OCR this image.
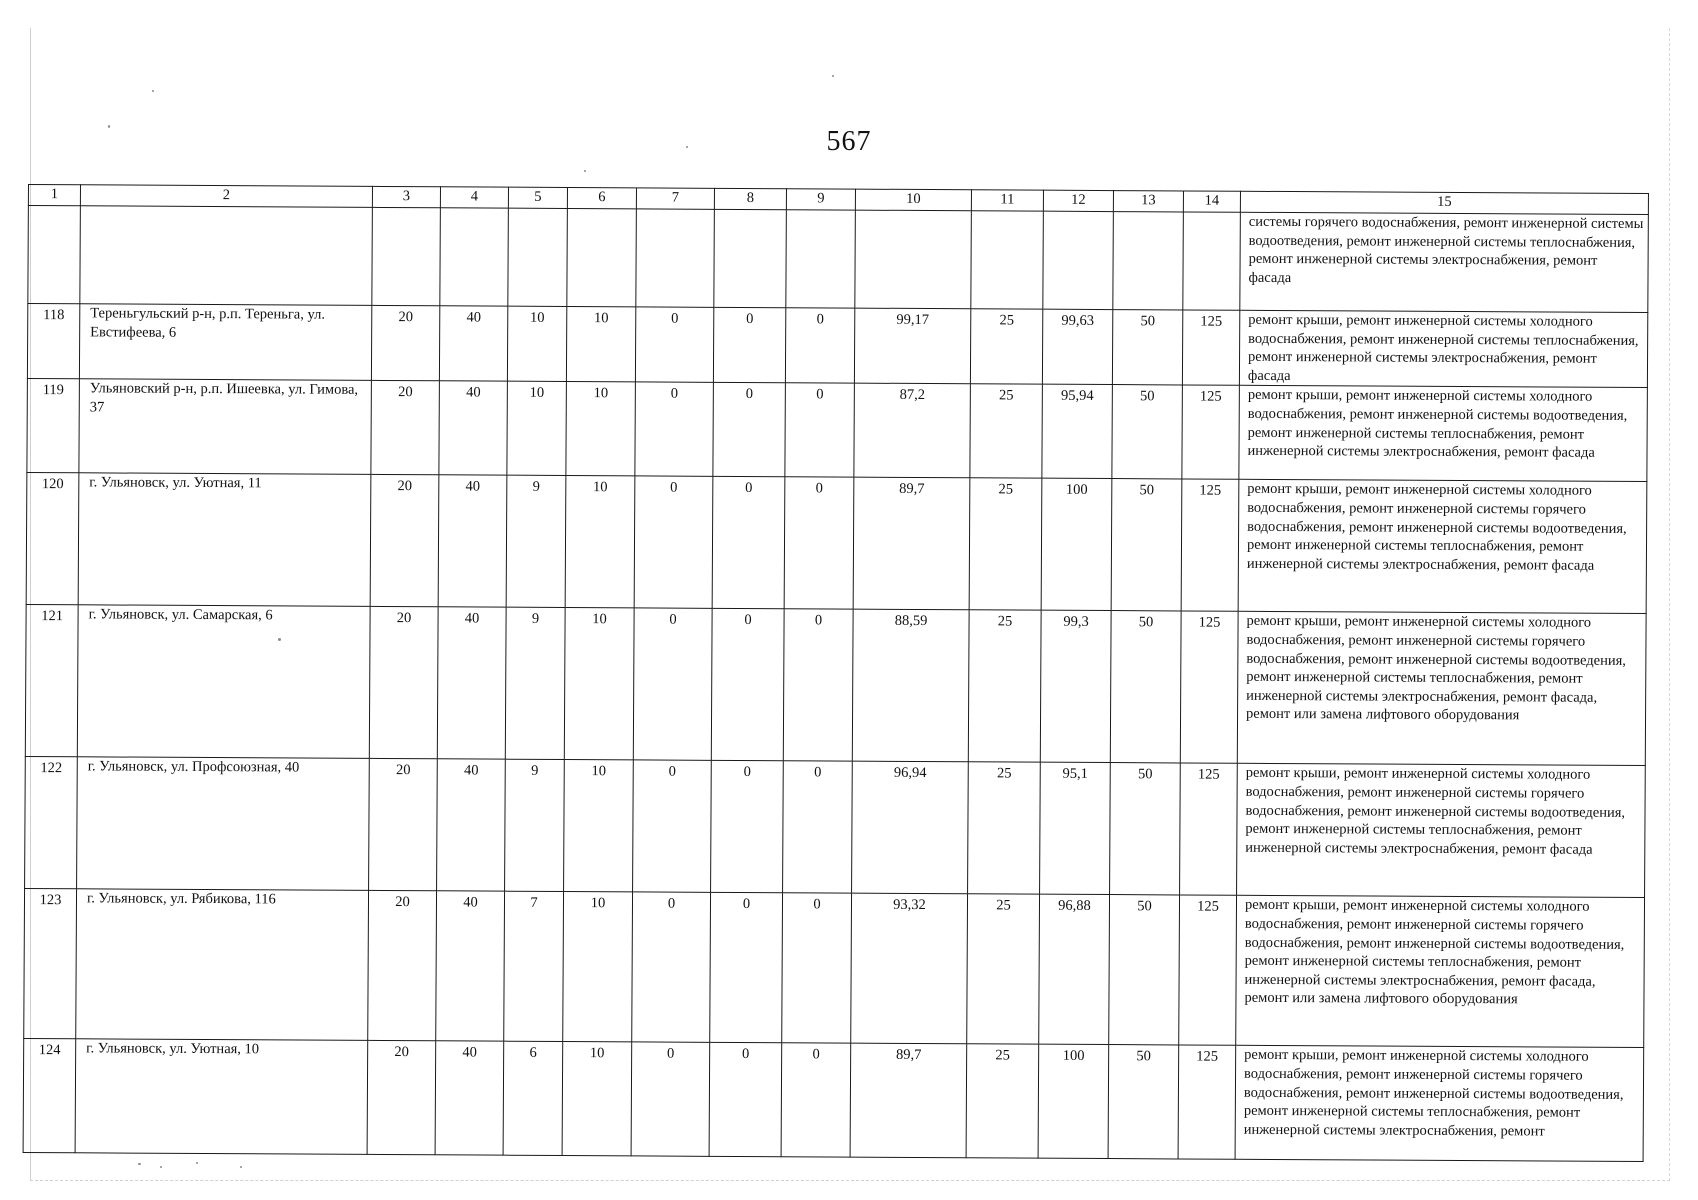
567
1	2	3	4	5	6	7	8	9	10	11	12	13	14	15
														системы горячего водоснабжения, ремонт инженерной системы водоотведения, ремонт инженерной системы теплоснабжения, ремонт инженерной системы электроснабжения, ремонт фасада
118	Тереньгульский р-н, р.п. Тереньга, ул. Евстифеева, 6	20	40	10	10	0	0	0	99,17	25	99,63	50	125	ремонт крыши, ремонт инженерной системы холодного водоснабжения, ремонт инженерной системы теплоснабжения, ремонт инженерной системы электроснабжения, ремонт фасада
119	Ульяновский р-н, р.п. Ишеевка, ул. Гимова, 37	20	40	10	10	0	0	0	87,2	25	95,94	50	125	ремонт крыши, ремонт инженерной системы холодного водоснабжения, ремонт инженерной системы водоотведения, ремонт инженерной системы теплоснабжения, ремонт инженерной системы электроснабжения, ремонт фасада
120	г. Ульяновск, ул. Уютная, 11	20	40	9	10	0	0	0	89,7	25	100	50	125	ремонт крыши, ремонт инженерной системы холодного водоснабжения, ремонт инженерной системы горячего водоснабжения, ремонт инженерной системы водоотведения, ремонт инженерной системы теплоснабжения, ремонт инженерной системы электроснабжения, ремонт фасада
121	г. Ульяновск, ул. Самарская, 6	20	40	9	10	0	0	0	88,59	25	99,3	50	125	ремонт крыши, ремонт инженерной системы холодного водоснабжения, ремонт инженерной системы горячего водоснабжения, ремонт инженерной системы водоотведения, ремонт инженерной системы теплоснабжения, ремонт инженерной системы электроснабжения, ремонт фасада, ремонт или замена лифтового оборудования
122	г. Ульяновск, ул. Профсоюзная, 40	20	40	9	10	0	0	0	96,94	25	95,1	50	125	ремонт крыши, ремонт инженерной системы холодного водоснабжения, ремонт инженерной системы горячего водоснабжения, ремонт инженерной системы водоотведения, ремонт инженерной системы теплоснабжения, ремонт инженерной системы электроснабжения, ремонт фасада
123	г. Ульяновск, ул. Рябикова, 116	20	40	7	10	0	0	0	93,32	25	96,88	50	125	ремонт крыши, ремонт инженерной системы холодного водоснабжения, ремонт инженерной системы горячего водоснабжения, ремонт инженерной системы водоотведения, ремонт инженерной системы теплоснабжения, ремонт инженерной системы электроснабжения, ремонт фасада, ремонт или замена лифтового оборудования
124	г. Ульяновск, ул. Уютная, 10	20	40	6	10	0	0	0	89,7	25	100	50	125	ремонт крыши, ремонт инженерной системы холодного водоснабжения, ремонт инженерной системы горячего водоснабжения, ремонт инженерной системы водоотведения, ремонт инженерной системы теплоснабжения, ремонт инженерной системы электроснабжения, ремонт
